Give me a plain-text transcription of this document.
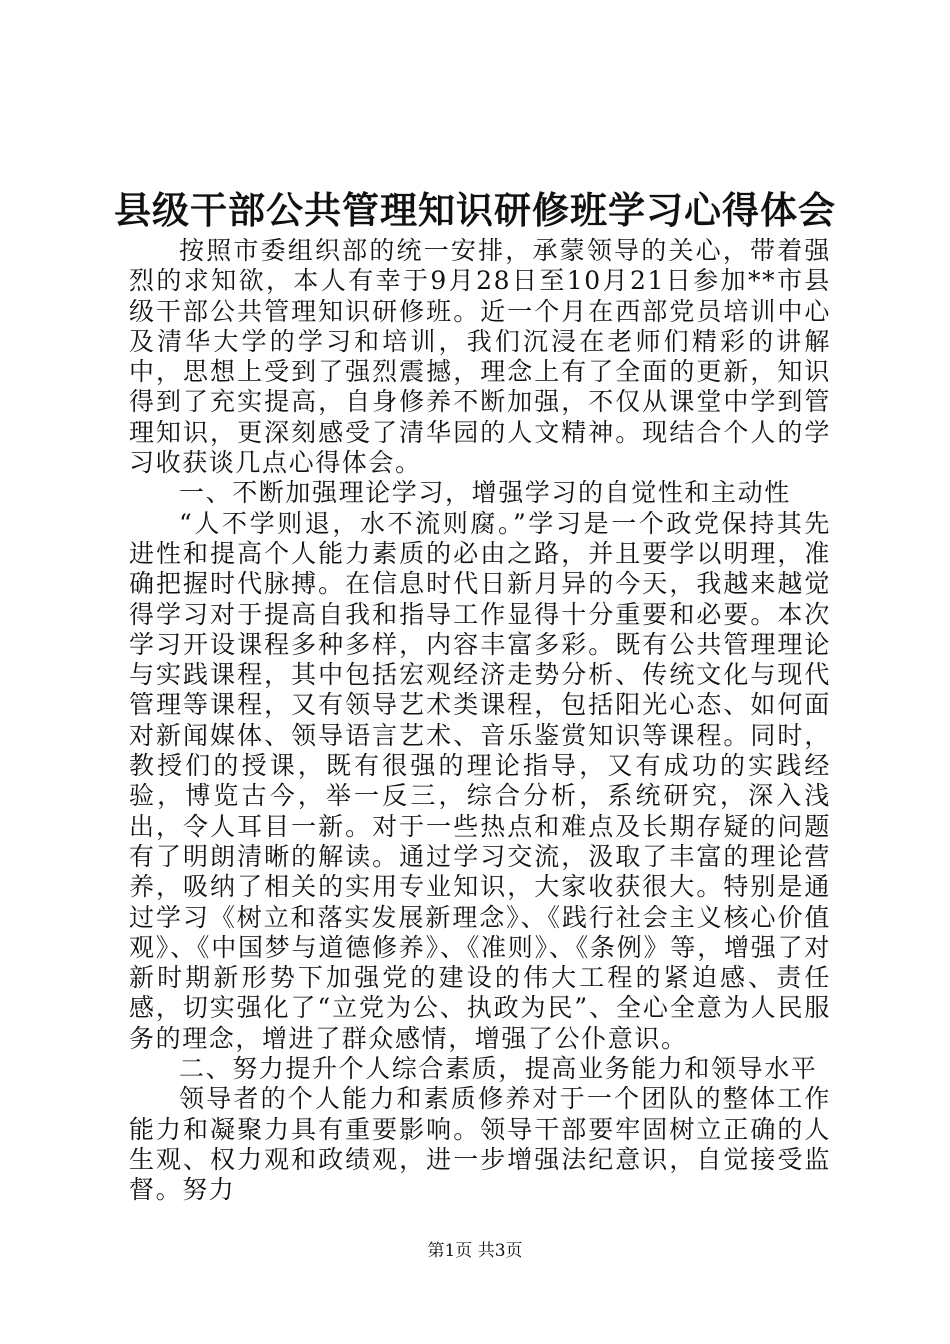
县级干部公共管理知识研修班学习心得体会

按照市委组织部的统一安排，承蒙领导的关心，带着强烈的求知欲，本人有幸于9月28日至10月21日参加**市县级干部公共管理知识研修班。近一个月在西部党员培训中心及清华大学的学习和培训，我们沉浸在老师们精彩的讲解中，思想上受到了强烈震撼，理念上有了全面的更新，知识得到了充实提高，自身修养不断加强，不仅从课堂中学到管理知识，更深刻感受了清华园的人文精神。现结合个人的学习收获谈几点心得体会。

一、不断加强理论学习，增强学习的自觉性和主动性

“人不学则退，水不流则腐。”学习是一个政党保持其先进性和提高个人能力素质的必由之路，并且要学以明理，准确把握时代脉搏。在信息时代日新月异的今天，我越来越觉得学习对于提高自我和指导工作显得十分重要和必要。本次学习开设课程多种多样，内容丰富多彩。既有公共管理理论与实践课程，其中包括宏观经济走势分析、传统文化与现代管理等课程，又有领导艺术类课程，包括阳光心态、如何面对新闻媒体、领导语言艺术、音乐鉴赏知识等课程。同时，教授们的授课，既有很强的理论指导，又有成功的实践经验，博览古今，举一反三，综合分析，系统研究，深入浅出，令人耳目一新。对于一些热点和难点及长期存疑的问题有了明朗清晰的解读。通过学习交流，汲取了丰富的理论营养，吸纳了相关的实用专业知识，大家收获很大。特别是通过学习《树立和落实发展新理念》、《践行社会主义核心价值观》、《中国梦与道德修养》、《准则》、《条例》等，增强了对新时期新形势下加强党的建设的伟大工程的紧迫感、责任感，切实强化了“立党为公、执政为民”、全心全意为人民服务的理念，增进了群众感情，增强了公仆意识。

二、努力提升个人综合素质，提高业务能力和领导水平

领导者的个人能力和素质修养对于一个团队的整体工作能力和凝聚力具有重要影响。领导干部要牢固树立正确的人生观、权力观和政绩观，进一步增强法纪意识，自觉接受监督。努力

第1页 共3页
